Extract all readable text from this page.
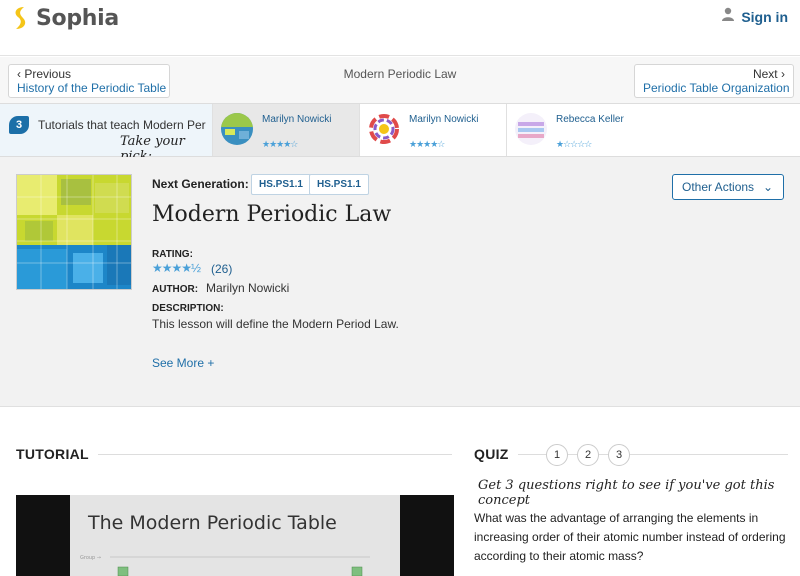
Sophia	Sign in
‹ Previous
History of the Periodic Table
Modern Periodic Law	Next ›
Periodic Table Organization
3	Tutorials that teach Modern Per
Take your
Marilyn Nowicki
★★★★☆
Marilyn Nowicki
★★★★☆
Rebecca Keller
★☆☆☆☆
Next Generation:	HS.PS1.1	HS.PS1.1	Other Actions ⌄
Modern Periodic Law
RATING:
★★★★½ (26)
AUTHOR: Marilyn Nowicki
DESCRIPTION:
This lesson will define the Modern Period Law.
See More +
TUTORIAL
The Modern Periodic Table
Group →
QUIZ	1	2	3
Get 3 questions right to see if you've got this concept
What was the advantage of arranging the elements in increasing order of their atomic number instead of ordering according to their atomic mass?
